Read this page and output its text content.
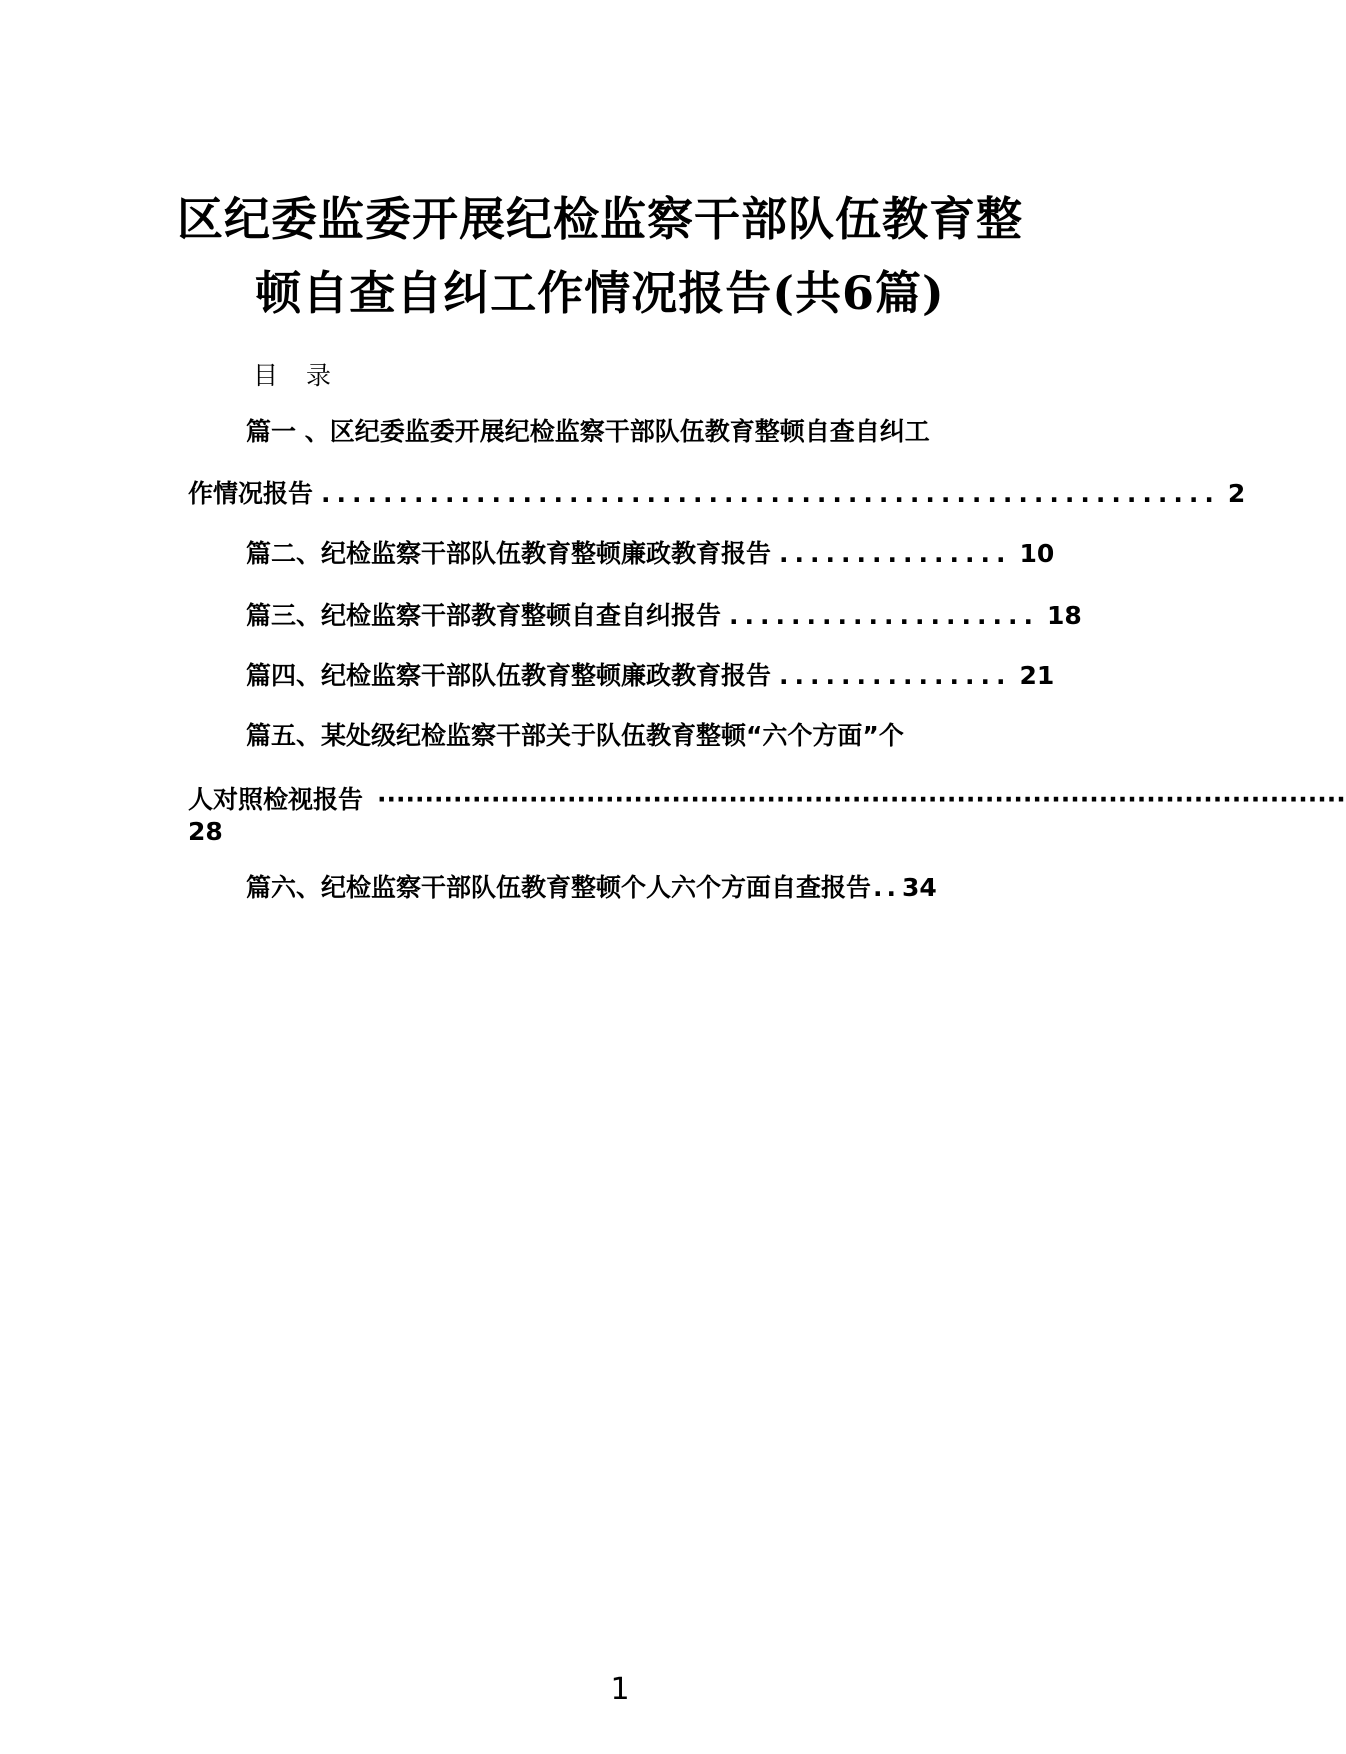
区纪委监委开展纪检监察干部队伍教育整
顿自查自纠工作情况报告(共6篇)
目 录
篇一 、区纪委监委开展纪检监察干部队伍教育整顿自查自纠工
作情况报告 .......................................................... 2
篇二、纪检监察干部队伍教育整顿廉政教育报告 ............... 10
篇三、纪检监察干部教育整顿自查自纠报告 .................... 18
篇四、纪检监察干部队伍教育整顿廉政教育报告 ............... 21
篇五、某处级纪检监察干部关于队伍教育整顿“六个方面”个
人对照检视报告 ······································································································
28
篇六、纪检监察干部队伍教育整顿个人六个方面自查报告 .. 34
1
